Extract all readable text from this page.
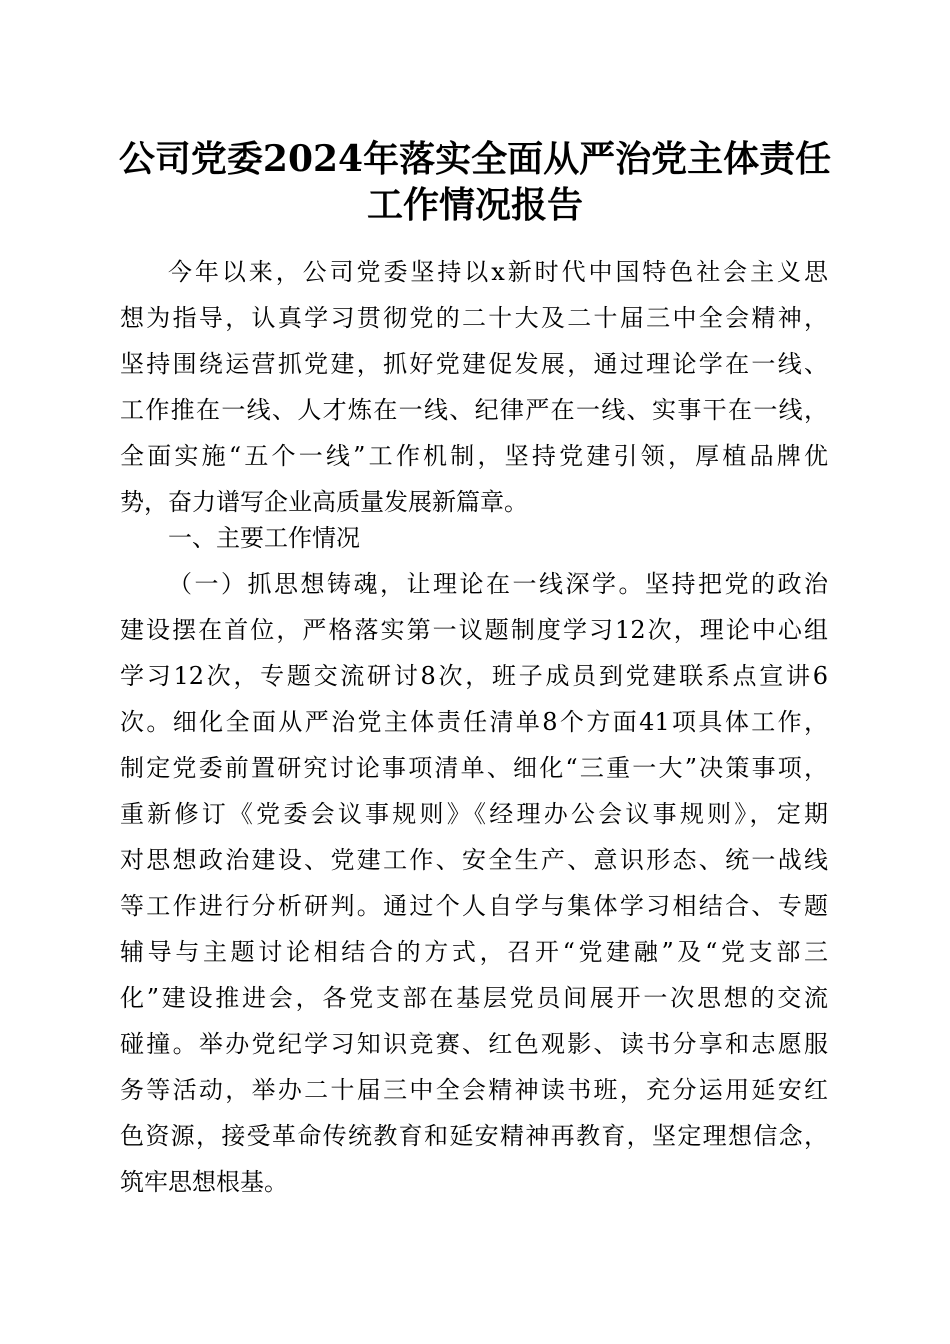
公司党委2024年落实全面从严治党主体责任
工作情况报告
今年以来，公司党委坚持以x新时代中国特色社会主义思
想为指导，认真学习贯彻党的二十大及二十届三中全会精神，
坚持围绕运营抓党建，抓好党建促发展，通过理论学在一线、
工作推在一线、人才炼在一线、纪律严在一线、实事干在一线，
全面实施“五个一线”工作机制，坚持党建引领，厚植品牌优
势，奋力谱写企业高质量发展新篇章。
一、主要工作情况
（一）抓思想铸魂，让理论在一线深学。坚持把党的政治
建设摆在首位，严格落实第一议题制度学习12次，理论中心组
学习12次，专题交流研讨8次，班子成员到党建联系点宣讲6
次。细化全面从严治党主体责任清单8个方面41项具体工作，
制定党委前置研究讨论事项清单、细化“三重一大”决策事项，
重新修订《党委会议事规则》《经理办公会议事规则》，定期
对思想政治建设、党建工作、安全生产、意识形态、统一战线
等工作进行分析研判。通过个人自学与集体学习相结合、专题
辅导与主题讨论相结合的方式，召开“党建融”及“党支部三
化”建设推进会，各党支部在基层党员间展开一次思想的交流
碰撞。举办党纪学习知识竞赛、红色观影、读书分享和志愿服
务等活动，举办二十届三中全会精神读书班，充分运用延安红
色资源，接受革命传统教育和延安精神再教育，坚定理想信念，
筑牢思想根基。
